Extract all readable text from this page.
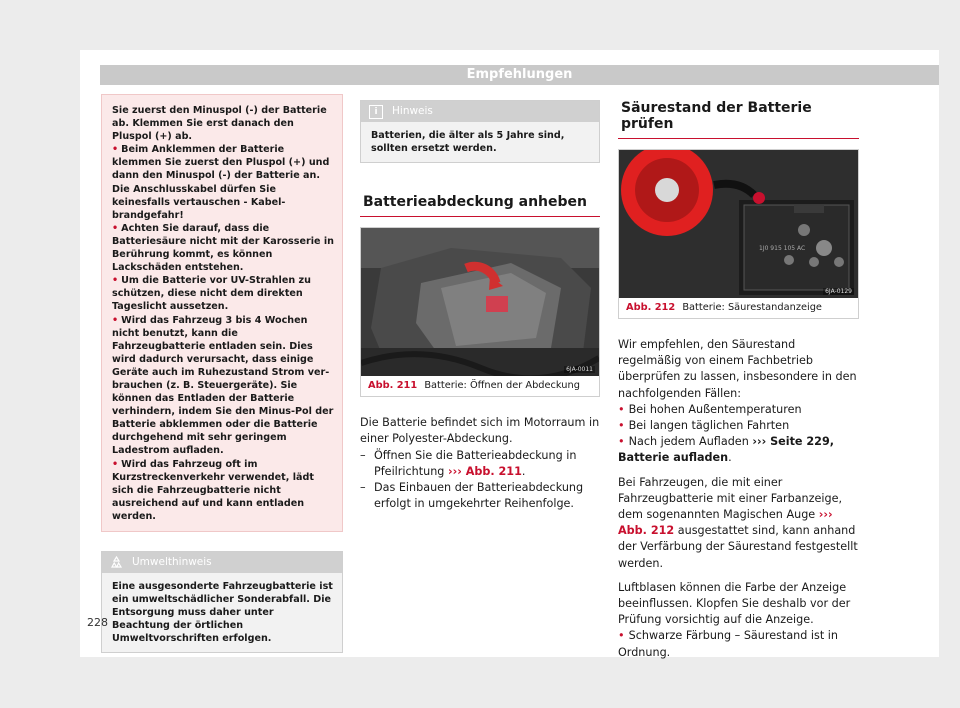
Empfehlungen

Sie zuerst den Minuspol (-) der Batterie ab. Klemmen Sie erst danach den Pluspol (+) ab.

• Beim Anklemmen der Batterie klemmen Sie zuerst den Pluspol (+) und dann den Minuspol (-) der Batterie an. Die Anschlusskabel dürfen Sie keinesfalls vertauschen - Kabelbrandgefahr!

• Achten Sie darauf, dass die Batteriesäure nicht mit der Karosserie in Berührung kommt, es können Lackschäden entstehen.

• Um die Batterie vor UV-Strahlen zu schützen, diese nicht dem direkten Tageslicht aussetzen.

• Wird das Fahrzeug 3 bis 4 Wochen nicht benutzt, kann die Fahrzeugbatterie entladen sein. Dies wird dadurch verursacht, dass einige Geräte auch im Ruhezustand Strom verbrauchen (z. B. Steuergeräte). Sie können das Entladen der Batterie verhindern, indem Sie den Minus-Pol der Batterie abklemmen oder die Batterie durchgehend mit sehr geringem Ladestrom aufladen.

• Wird das Fahrzeug oft im Kurzstreckenverkehr verwendet, lädt sich die Fahrzeugbatterie nicht ausreichend auf und kann entladen werden.

Umwelthinweis
Eine ausgesonderte Fahrzeugbatterie ist ein umweltschädlicher Sonderabfall. Die Entsorgung muss daher unter Beachtung der örtlichen Umweltvorschriften erfolgen.
i	Hinweis
Batterien, die älter als 5 Jahre sind, sollten ersetzt werden.
Batterieabdeckung anheben
6JA-0011
Abb. 211 Batterie: Öffnen der Abdeckung

Die Batterie befindet sich im Motorraum in einer Polyester-Abdeckung.

– Öffnen Sie die Batterieabdeckung in Pfeilrichtung ››› Abb. 211.

– Das Einbauen der Batterieabdeckung erfolgt in umgekehrter Reihenfolge.

Säurestand der Batterie prüfen
1J0 915 105 AC
6JA-0129
Abb. 212 Batterie: Säurestandanzeige

Wir empfehlen, den Säurestand regelmäßig von einem Fachbetrieb überprüfen zu lassen, insbesondere in den nachfolgenden Fällen:

• Bei hohen Außentemperaturen

• Bei langen täglichen Fahrten

• Nach jedem Aufladen ››› Seite 229, Batterie aufladen.

Bei Fahrzeugen, die mit einer Fahrzeugbatterie mit einer Farbanzeige, dem sogenannten Magischen Auge ››› Abb. 212 ausgestattet sind, kann anhand der Verfärbung der Säurestand festgestellt werden.

Luftblasen können die Farbe der Anzeige beeinflussen. Klopfen Sie deshalb vor der Prüfung vorsichtig auf die Anzeige.

• Schwarze Färbung – Säurestand ist in Ordnung.

228
